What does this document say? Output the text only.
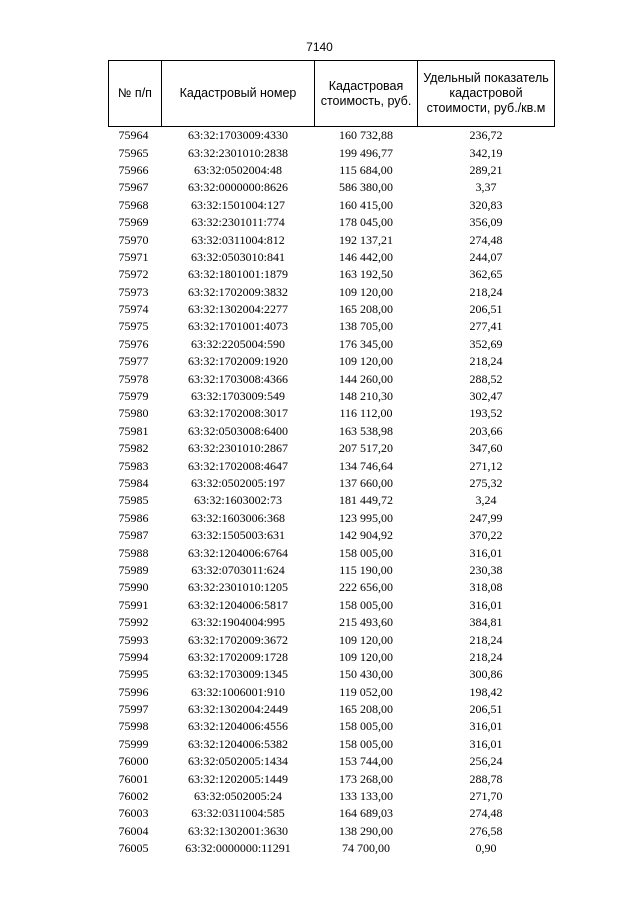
7140
№ п/п	Кадастровый номер	Кадастровая стоимость, руб.	Удельный показатель кадастровой стоимости, руб./кв.м
75964	63:32:1703009:4330	160 732,88	236,72
75965	63:32:2301010:2838	199 496,77	342,19
75966	63:32:0502004:48	115 684,00	289,21
75967	63:32:0000000:8626	586 380,00	3,37
75968	63:32:1501004:127	160 415,00	320,83
75969	63:32:2301011:774	178 045,00	356,09
75970	63:32:0311004:812	192 137,21	274,48
75971	63:32:0503010:841	146 442,00	244,07
75972	63:32:1801001:1879	163 192,50	362,65
75973	63:32:1702009:3832	109 120,00	218,24
75974	63:32:1302004:2277	165 208,00	206,51
75975	63:32:1701001:4073	138 705,00	277,41
75976	63:32:2205004:590	176 345,00	352,69
75977	63:32:1702009:1920	109 120,00	218,24
75978	63:32:1703008:4366	144 260,00	288,52
75979	63:32:1703009:549	148 210,30	302,47
75980	63:32:1702008:3017	116 112,00	193,52
75981	63:32:0503008:6400	163 538,98	203,66
75982	63:32:2301010:2867	207 517,20	347,60
75983	63:32:1702008:4647	134 746,64	271,12
75984	63:32:0502005:197	137 660,00	275,32
75985	63:32:1603002:73	181 449,72	3,24
75986	63:32:1603006:368	123 995,00	247,99
75987	63:32:1505003:631	142 904,92	370,22
75988	63:32:1204006:6764	158 005,00	316,01
75989	63:32:0703011:624	115 190,00	230,38
75990	63:32:2301010:1205	222 656,00	318,08
75991	63:32:1204006:5817	158 005,00	316,01
75992	63:32:1904004:995	215 493,60	384,81
75993	63:32:1702009:3672	109 120,00	218,24
75994	63:32:1702009:1728	109 120,00	218,24
75995	63:32:1703009:1345	150 430,00	300,86
75996	63:32:1006001:910	119 052,00	198,42
75997	63:32:1302004:2449	165 208,00	206,51
75998	63:32:1204006:4556	158 005,00	316,01
75999	63:32:1204006:5382	158 005,00	316,01
76000	63:32:0502005:1434	153 744,00	256,24
76001	63:32:1202005:1449	173 268,00	288,78
76002	63:32:0502005:24	133 133,00	271,70
76003	63:32:0311004:585	164 689,03	274,48
76004	63:32:1302001:3630	138 290,00	276,58
76005	63:32:0000000:11291	74 700,00	0,90
